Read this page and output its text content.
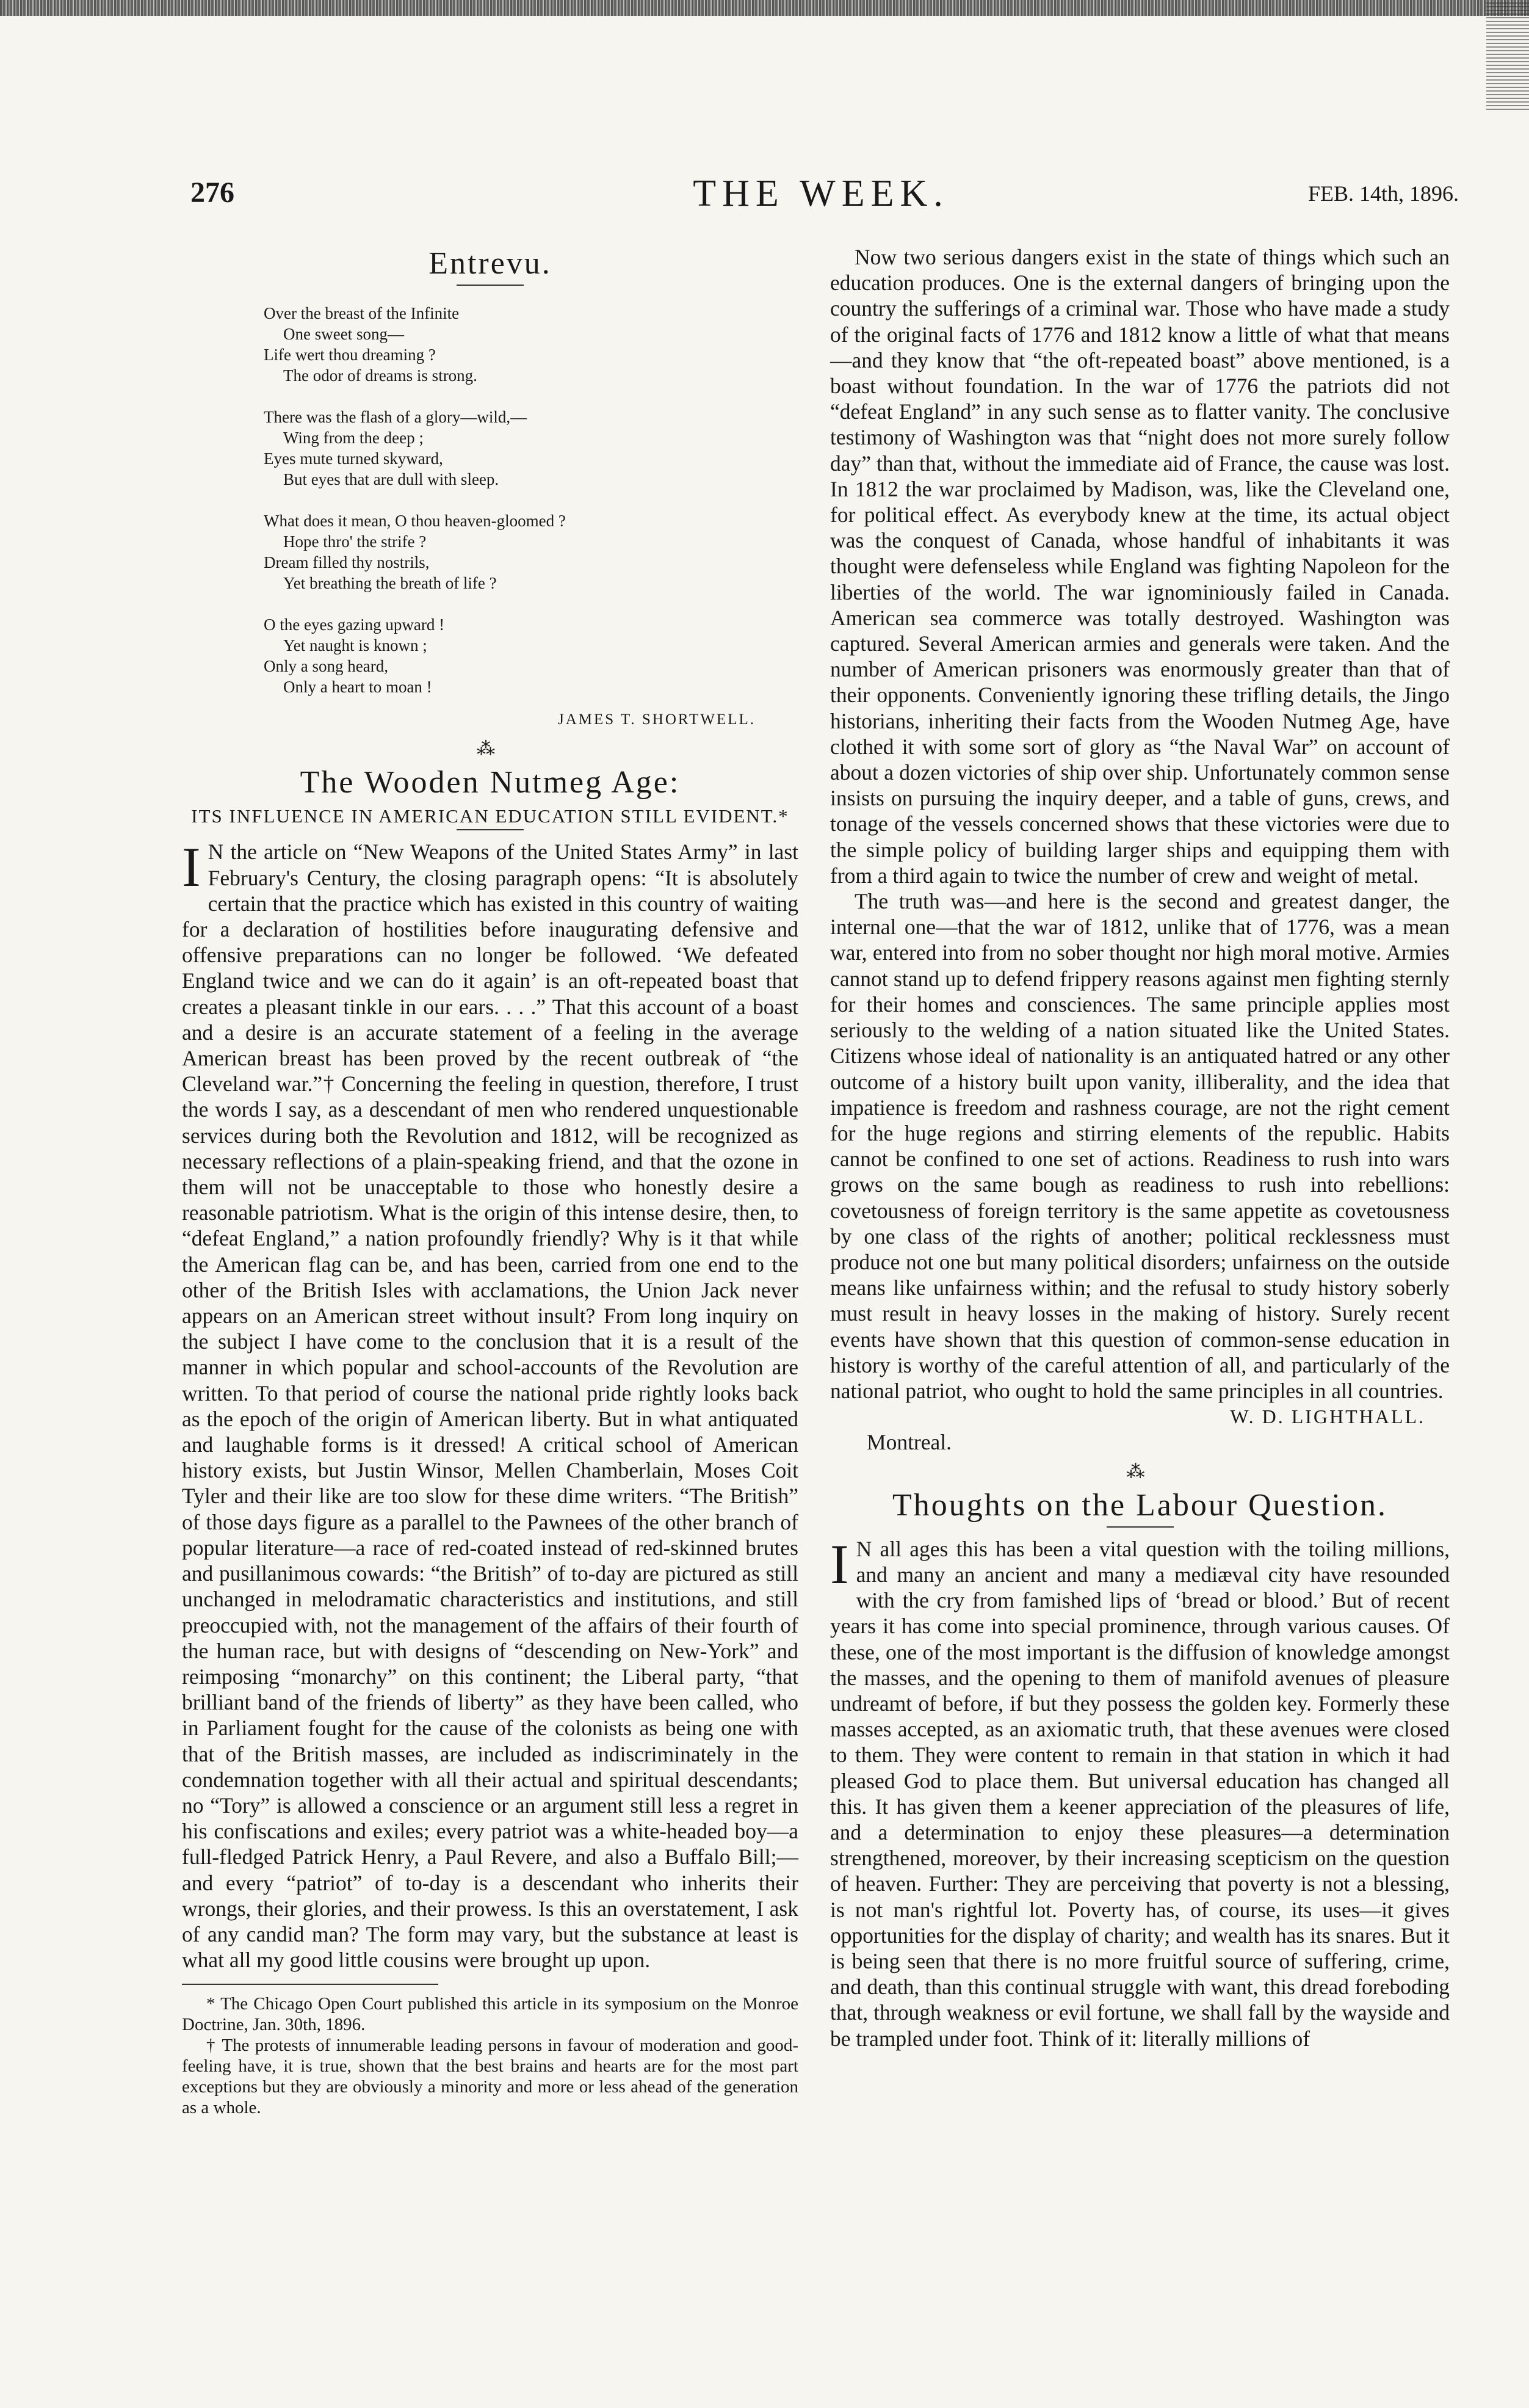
276	THE WEEK.	FEB. 14th, 1896.
Entrevu.
Over the breast of the Infinite
One sweet song—
Life wert thou dreaming ?
The odor of dreams is strong.
There was the flash of a glory—wild,—
Wing from the deep ;
Eyes mute turned skyward,
But eyes that are dull with sleep.
What does it mean, O thou heaven-gloomed ?
Hope thro' the strife ?
Dream filled thy nostrils,
Yet breathing the breath of life ?
O the eyes gazing upward !
Yet naught is known ;
Only a song heard,
Only a heart to moan !
JAMES T. SHORTWELL.
⁂
The Wooden Nutmeg Age:
ITS INFLUENCE IN AMERICAN EDUCATION STILL EVIDENT.*

I N the article on “New Weapons of the United States Army” in last February's Century, the closing paragraph opens: “It is absolutely certain that the practice which has existed in this country of waiting for a declaration of hostilities before inaugurating defensive and offensive preparations can no longer be followed. ‘We defeated England twice and we can do it again’ is an oft-repeated boast that creates a pleasant tinkle in our ears. . . .” That this account of a boast and a desire is an accurate statement of a feeling in the average American breast has been proved by the recent outbreak of “the Cleveland war.”† Concerning the feeling in question, therefore, I trust the words I say, as a descendant of men who rendered unquestionable services during both the Revolution and 1812, will be recognized as necessary reflections of a plain-speaking friend, and that the ozone in them will not be unacceptable to those who honestly desire a reasonable patriotism. What is the origin of this intense desire, then, to “defeat England,” a nation profoundly friendly? Why is it that while the American flag can be, and has been, carried from one end to the other of the British Isles with acclamations, the Union Jack never appears on an American street without insult? From long inquiry on the subject I have come to the conclusion that it is a result of the manner in which popular and school-accounts of the Revolution are written. To that period of course the national pride rightly looks back as the epoch of the origin of American liberty. But in what antiquated and laughable forms is it dressed! A critical school of American history exists, but Justin Winsor, Mellen Chamberlain, Moses Coit Tyler and their like are too slow for these dime writers. “The British” of those days figure as a parallel to the Pawnees of the other branch of popular literature—a race of red-coated instead of red-skinned brutes and pusillanimous cowards: “the British” of to-day are pictured as still unchanged in melodramatic characteristics and institutions, and still preoccupied with, not the management of the affairs of their fourth of the human race, but with designs of “descending on New-York” and reimposing “monarchy” on this continent; the Liberal party, “that brilliant band of the friends of liberty” as they have been called, who in Parliament fought for the cause of the colonists as being one with that of the British masses, are included as indiscriminately in the condemnation together with all their actual and spiritual descendants; no “Tory” is allowed a conscience or an argument still less a regret in his confiscations and exiles; every patriot was a white-headed boy—a full-fledged Patrick Henry, a Paul Revere, and also a Buffalo Bill;—and every “patriot” of to-day is a descendant who inherits their wrongs, their glories, and their prowess. Is this an overstatement, I ask of any candid man? The form may vary, but the substance at least is what all my good little cousins were brought up upon.

* The Chicago Open Court published this article in its symposium on the Monroe Doctrine, Jan. 30th, 1896.

† The protests of innumerable leading persons in favour of moderation and good-feeling have, it is true, shown that the best brains and hearts are for the most part exceptions but they are obviously a minority and more or less ahead of the generation as a whole.

Now two serious dangers exist in the state of things which such an education produces. One is the external dangers of bringing upon the country the sufferings of a criminal war. Those who have made a study of the original facts of 1776 and 1812 know a little of what that means—and they know that “the oft-repeated boast” above mentioned, is a boast without foundation. In the war of 1776 the patriots did not “defeat England” in any such sense as to flatter vanity. The conclusive testimony of Washington was that “night does not more surely follow day” than that, without the immediate aid of France, the cause was lost. In 1812 the war proclaimed by Madison, was, like the Cleveland one, for political effect. As everybody knew at the time, its actual object was the conquest of Canada, whose handful of inhabitants it was thought were defenseless while England was fighting Napoleon for the liberties of the world. The war ignominiously failed in Canada. American sea commerce was totally destroyed. Washington was captured. Several American armies and generals were taken. And the number of American prisoners was enormously greater than that of their opponents. Conveniently ignoring these trifling details, the Jingo historians, inheriting their facts from the Wooden Nutmeg Age, have clothed it with some sort of glory as “the Naval War” on account of about a dozen victories of ship over ship. Unfortunately common sense insists on pursuing the inquiry deeper, and a table of guns, crews, and tonage of the vessels concerned shows that these victories were due to the simple policy of building larger ships and equipping them with from a third again to twice the number of crew and weight of metal.

The truth was—and here is the second and greatest danger, the internal one—that the war of 1812, unlike that of 1776, was a mean war, entered into from no sober thought nor high moral motive. Armies cannot stand up to defend frippery reasons against men fighting sternly for their homes and consciences. The same principle applies most seriously to the welding of a nation situated like the United States. Citizens whose ideal of nationality is an antiquated hatred or any other outcome of a history built upon vanity, illiberality, and the idea that impatience is freedom and rashness courage, are not the right cement for the huge regions and stirring elements of the republic. Habits cannot be confined to one set of actions. Readiness to rush into wars grows on the same bough as readiness to rush into rebellions: covetousness of foreign territory is the same appetite as covetousness by one class of the rights of another; political recklessness must produce not one but many political disorders; unfairness on the outside means like unfairness within; and the refusal to study history soberly must result in heavy losses in the making of history. Surely recent events have shown that this question of common-sense education in history is worthy of the careful attention of all, and particularly of the national patriot, who ought to hold the same principles in all countries.

W. D. LIGHTHALL.
Montreal.
⁂
Thoughts on the Labour Question.

I N all ages this has been a vital question with the toiling millions, and many an ancient and many a mediæval city have resounded with the cry from famished lips of ‘bread or blood.’ But of recent years it has come into special prominence, through various causes. Of these, one of the most important is the diffusion of knowledge amongst the masses, and the opening to them of manifold avenues of pleasure undreamt of before, if but they possess the golden key. Formerly these masses accepted, as an axiomatic truth, that these avenues were closed to them. They were content to remain in that station in which it had pleased God to place them. But universal education has changed all this. It has given them a keener appreciation of the pleasures of life, and a determination to enjoy these pleasures—a determination strengthened, moreover, by their increasing scepticism on the question of heaven. Further: They are perceiving that poverty is not a blessing, is not man's rightful lot. Poverty has, of course, its uses—it gives opportunities for the display of charity; and wealth has its snares. But it is being seen that there is no more fruitful source of suffering, crime, and death, than this continual struggle with want, this dread foreboding that, through weakness or evil fortune, we shall fall by the wayside and be trampled under foot. Think of it: literally millions of
